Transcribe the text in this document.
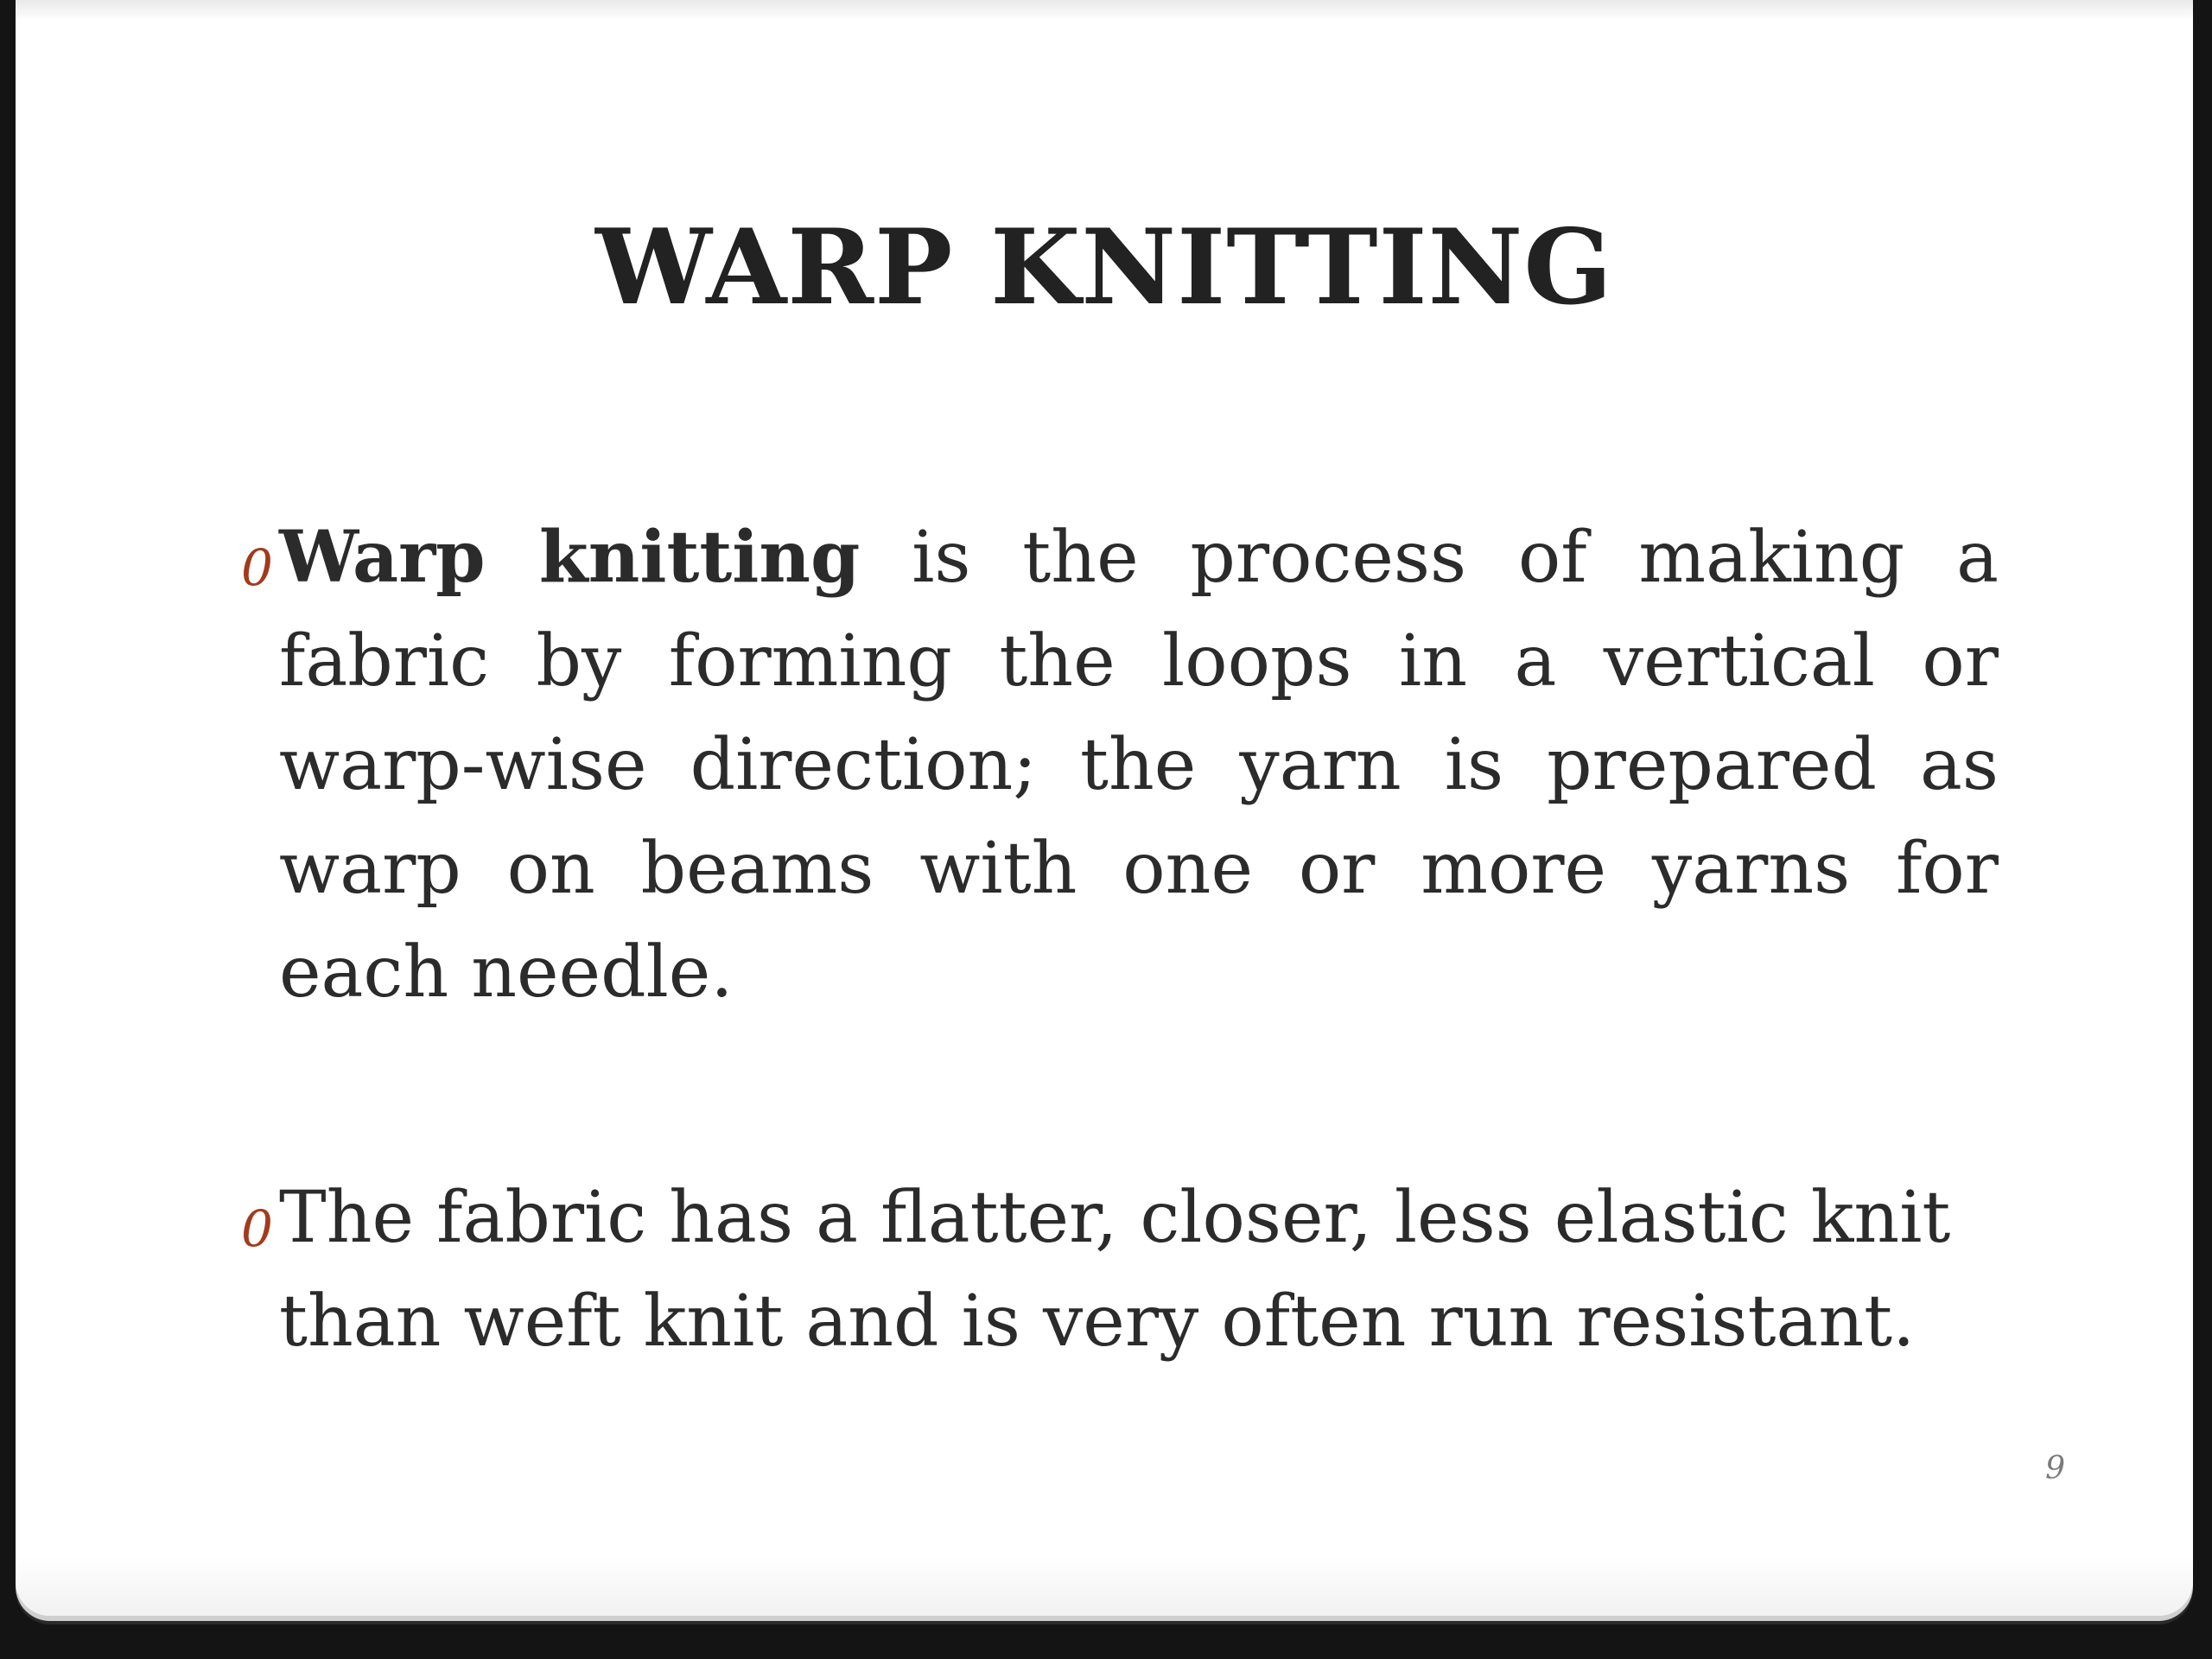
WARP KNITTING
0 Warp knitting is the process of making a fabric by forming the loops in a vertical or warp-wise direction; the yarn is prepared as warp on beams with one or more yarns for each needle.
0 The fabric has a flatter, closer, less elastic knit than weft knit and is very often run resistant.
9
